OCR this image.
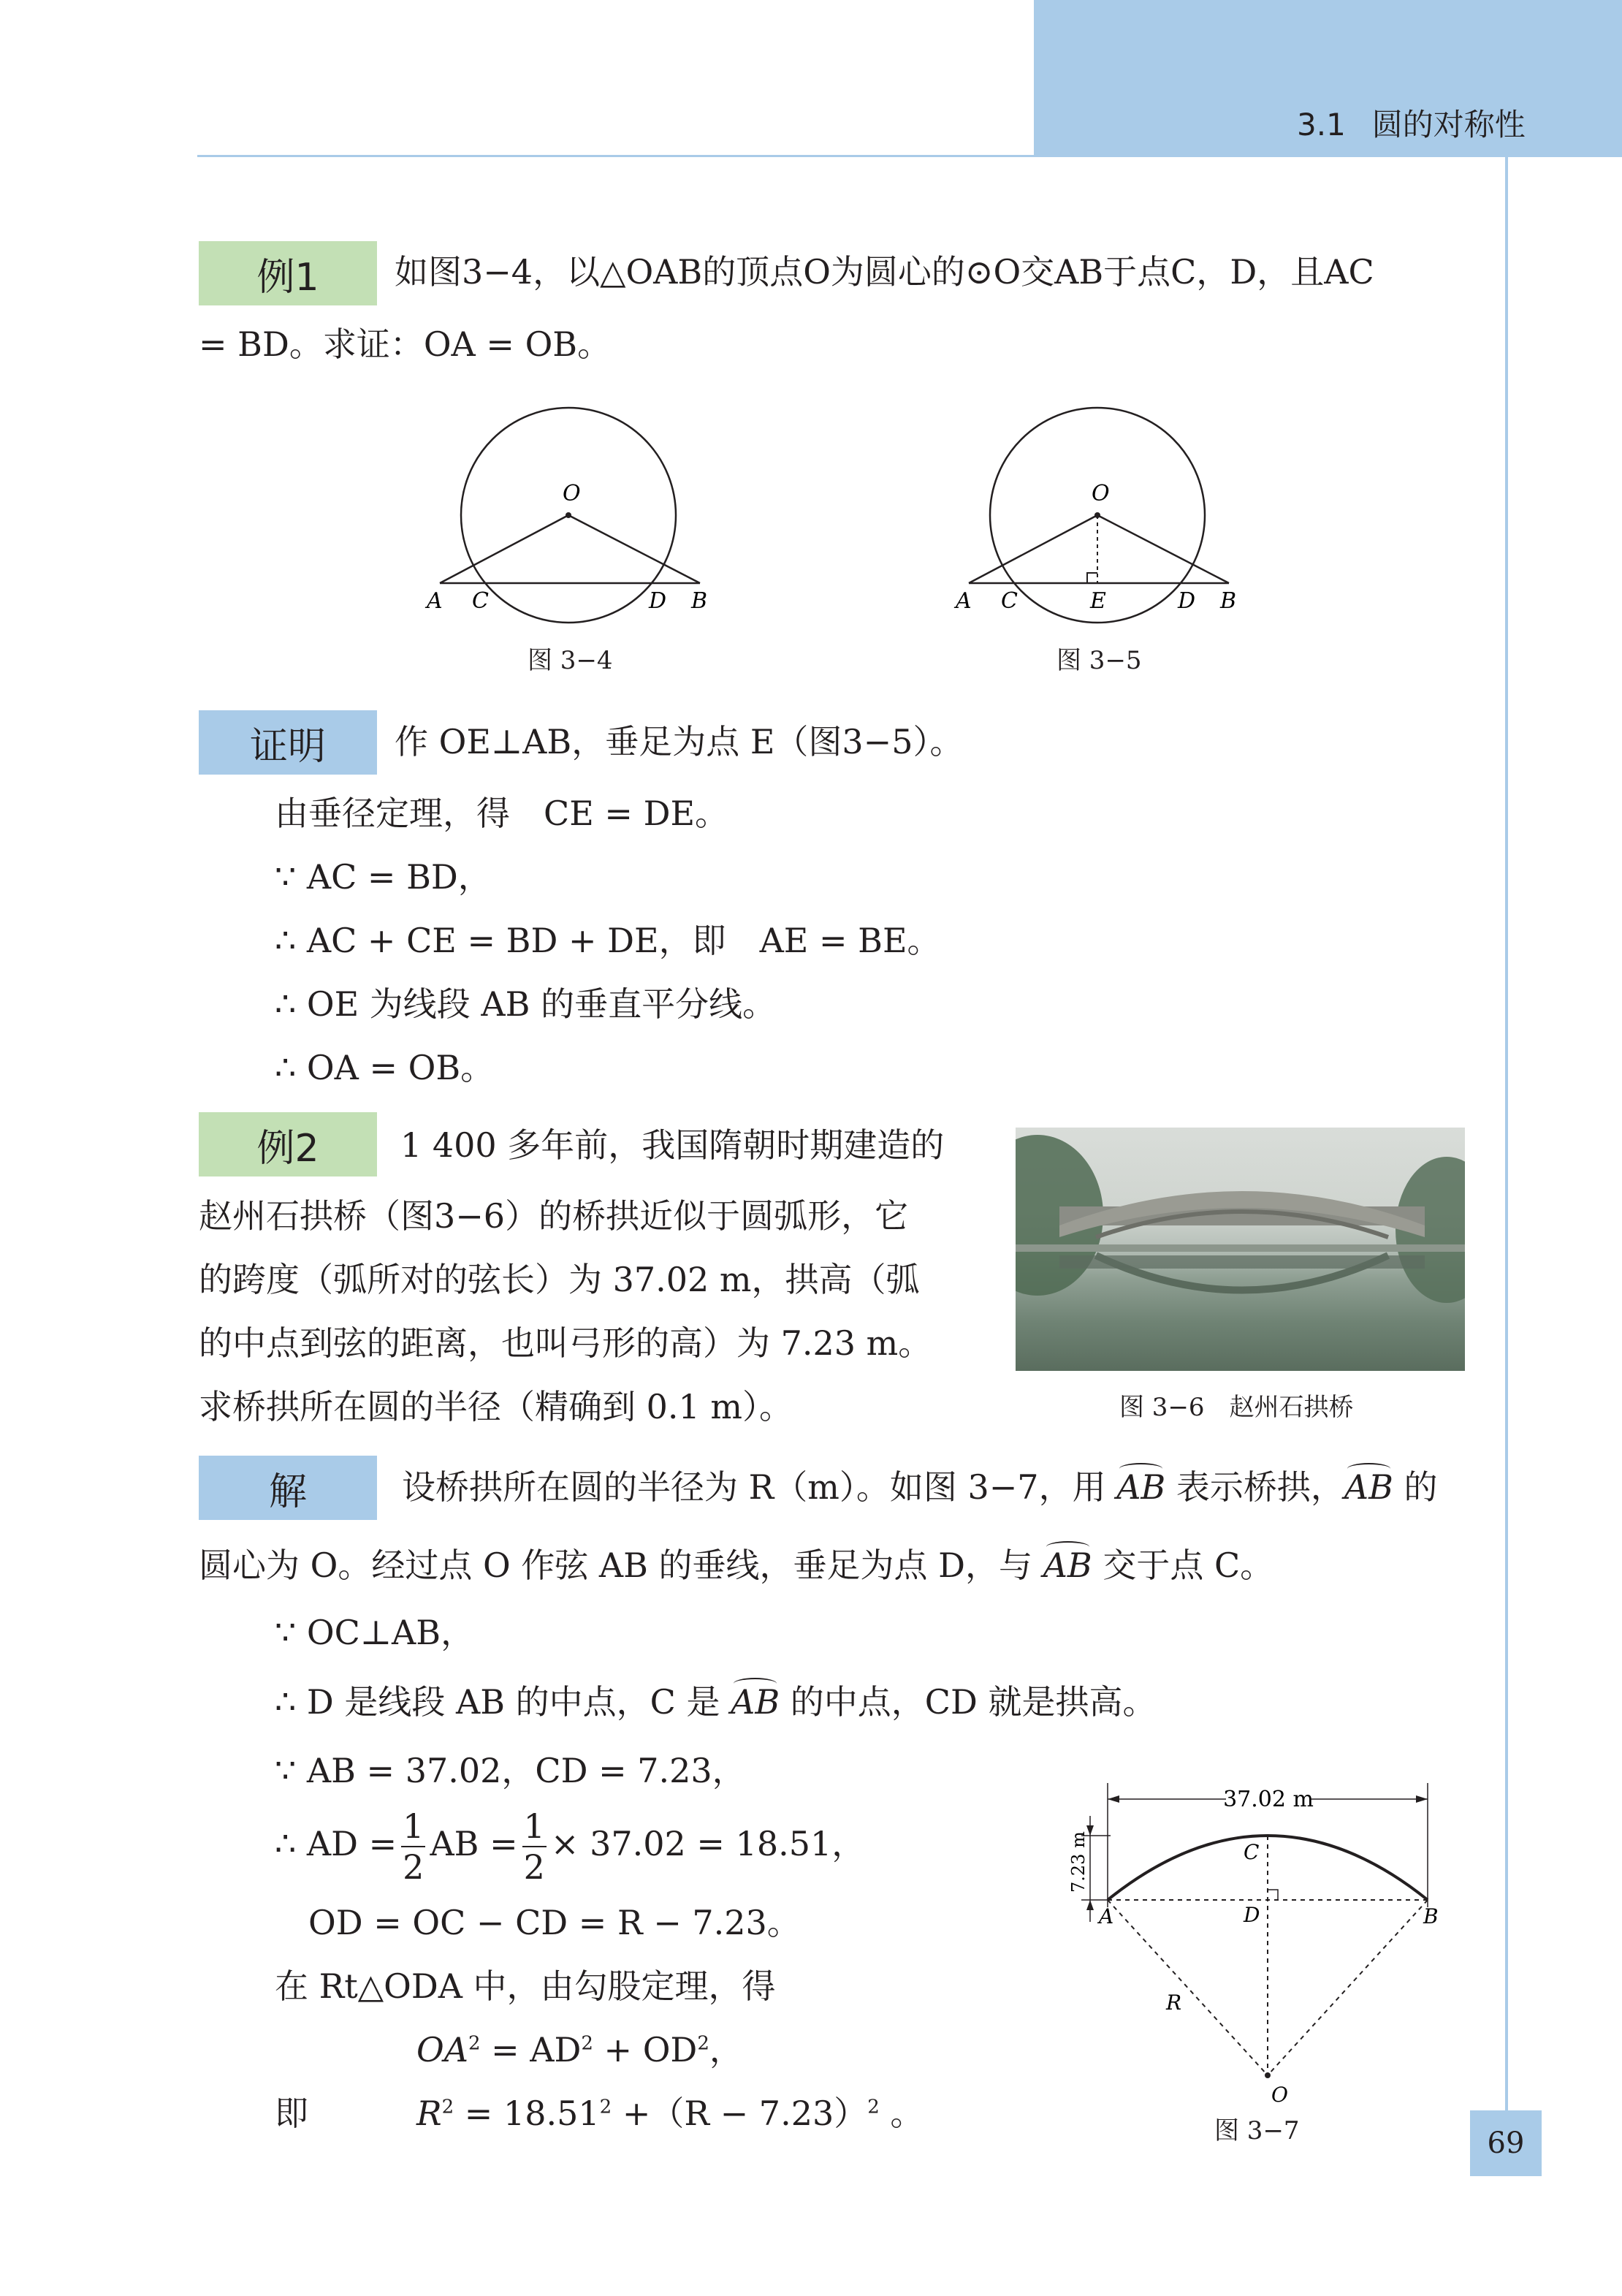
3.1 圆的对称性
例1	如图3−4，以△OAB的顶点O为圆心的⊙O交AB于点C，D，且AC
= BD。求证：OA = OB。
O
A C	D B
图 3−4
O
A C	E	D B
图 3−5
证明	作 OE⊥AB，垂足为点 E（图3−5）。
由垂径定理，得　CE = DE。
∵ AC = BD，
∴ AC + CE = BD + DE，即　AE = BE。
∴ OE 为线段 AB 的垂直平分线。
∴ OA = OB。
例2	1 400 多年前，我国隋朝时期建造的
赵州石拱桥（图3−6）的桥拱近似于圆弧形，它
的跨度（弧所对的弦长）为 37.02 m，拱高（弧
的中点到弦的距离，也叫弓形的高）为 7.23 m。
求桥拱所在圆的半径（精确到 0.1 m）。	图 3−6　赵州石拱桥
解	设桥拱所在圆的半径为 R（m）。如图 3−7，用 AB 表示桥拱，AB 的
圆心为 O。经过点 O 作弦 AB 的垂线，垂足为点 D，与 AB 交于点 C。
∵ OC⊥AB，
∴ D 是线段 AB 的中点，C 是 AB 的中点，CD 就是拱高。
∵ AB = 37.02，CD = 7.23，
∴ AD = $\frac{1}{2}$ AB = $\frac{1}{2} \times 37.02 = 18.51$，
OD = OC − CD = R − 7.23。
在 Rt△ODA 中，由勾股定理，得
$OA^2 = AD^2 + OD^2$，
即	$R^2 = 18.51^2 +(R - 7.23)^2$ 。
37.02 m
7.23 m
A	B
C
D
O
R
图 3−7	69
